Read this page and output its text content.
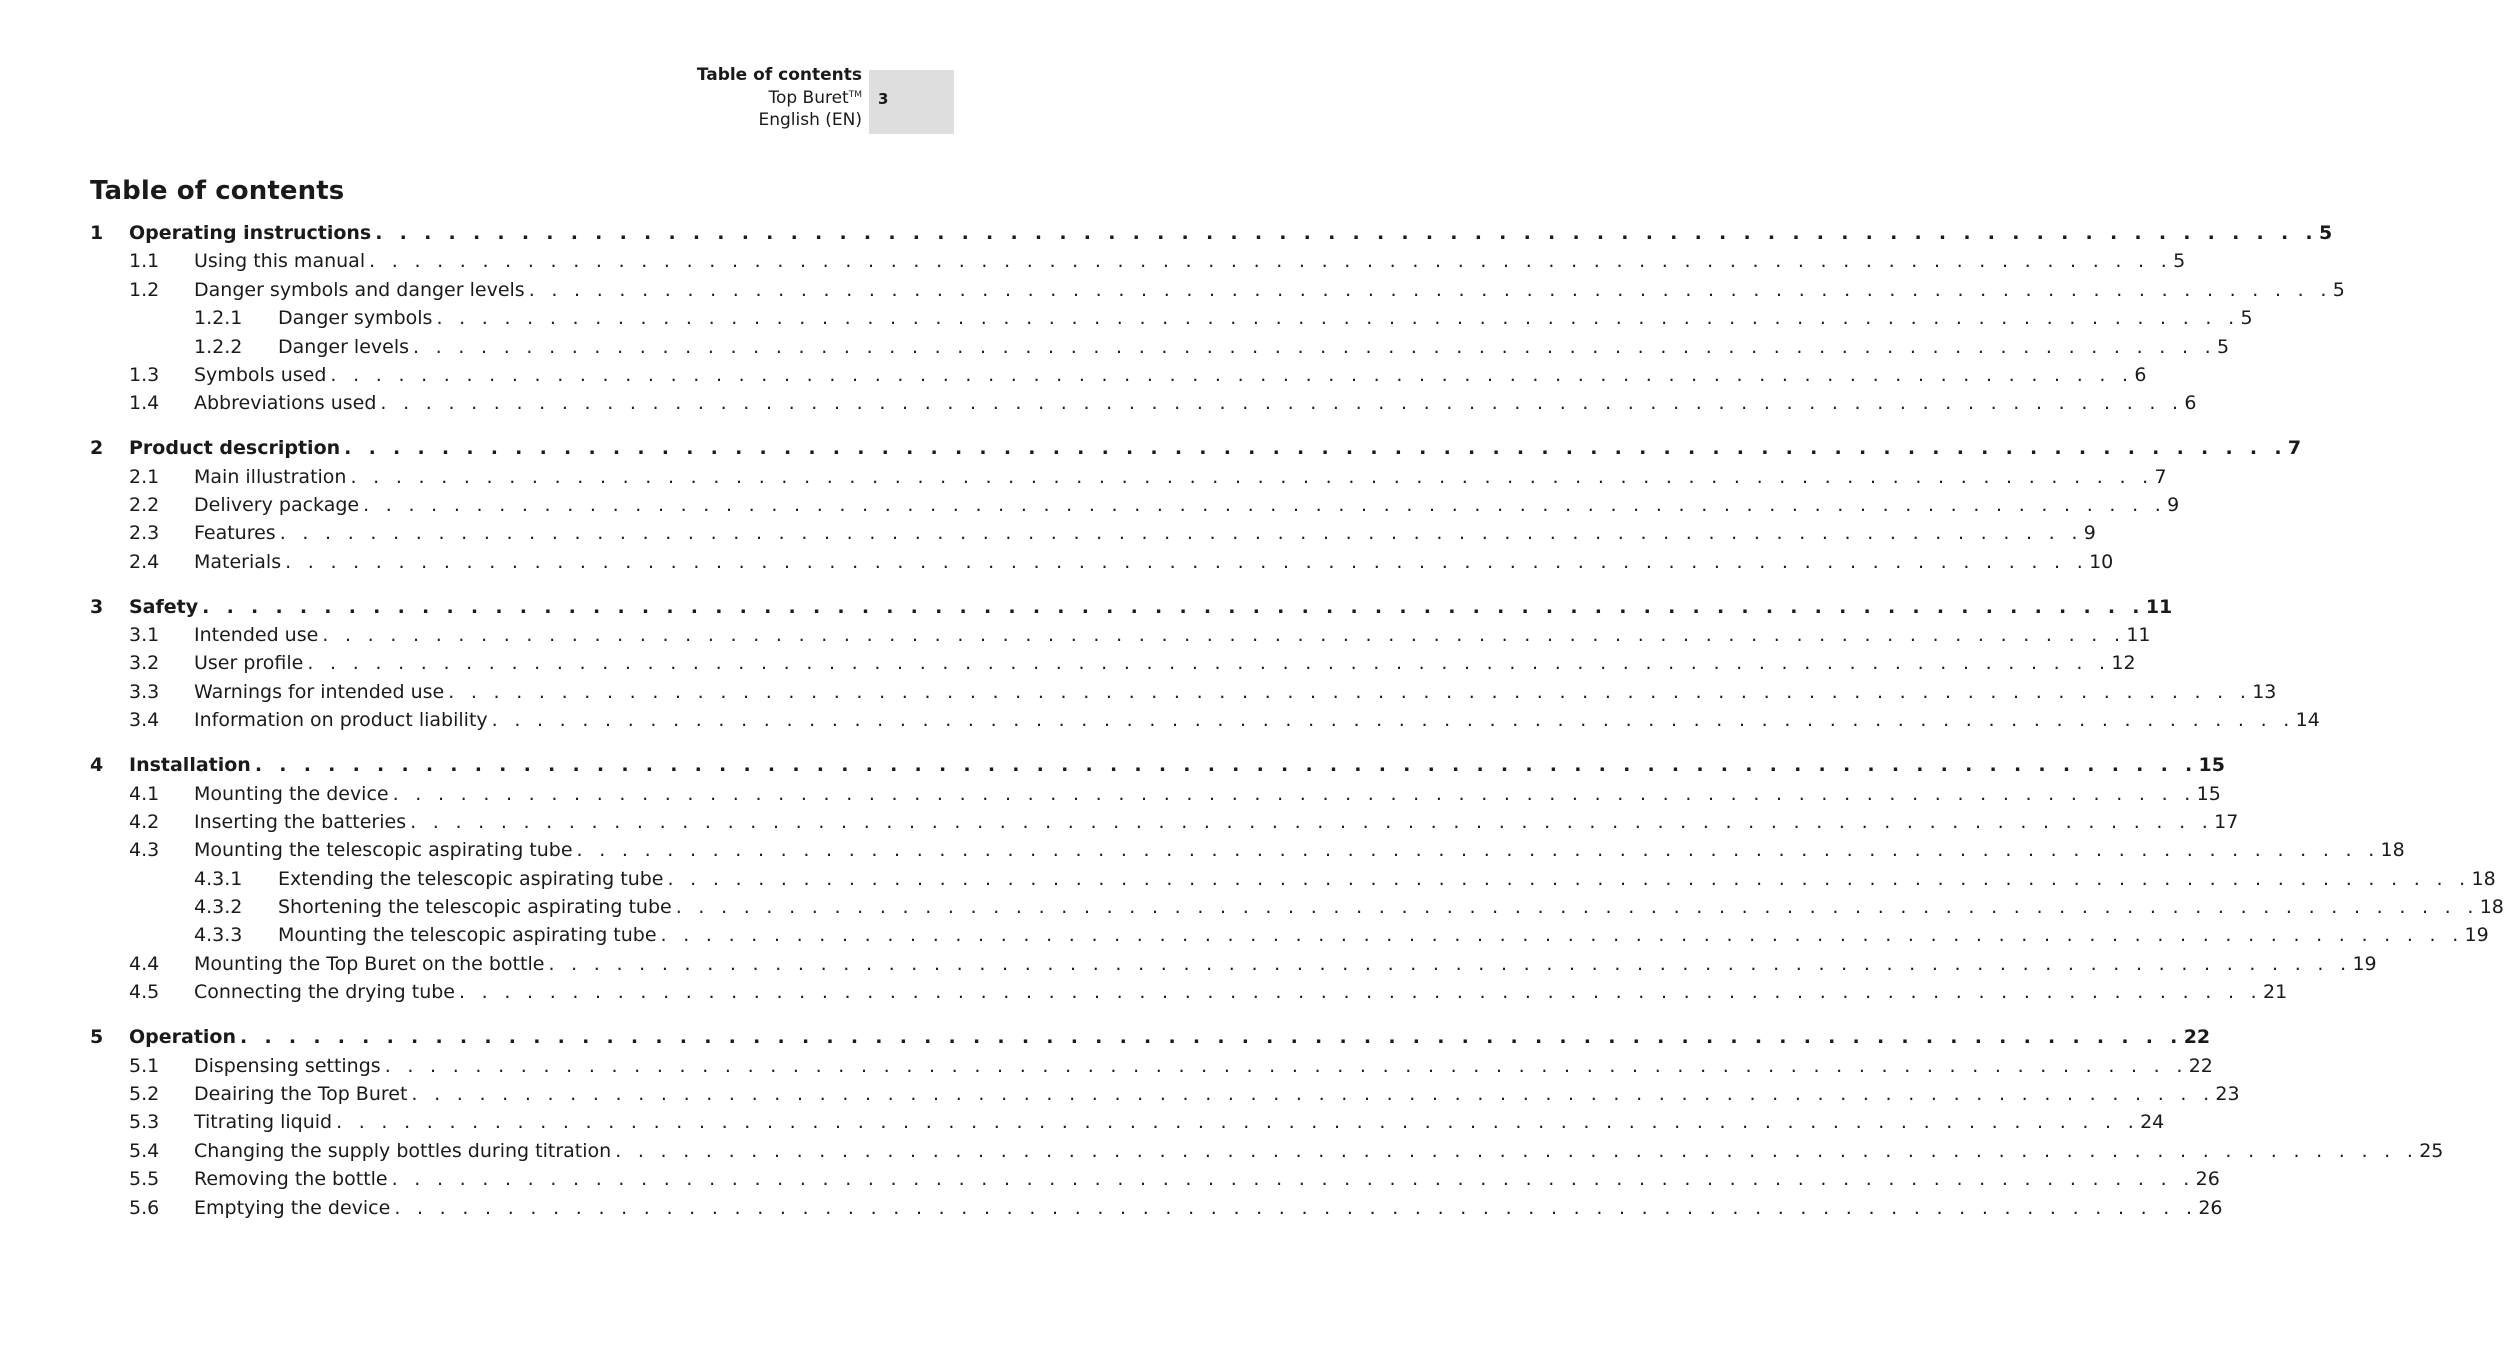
Table of contents
Top Buret™
English (EN)
3
Table of contents
1	Operating instructions . . . . . . . . . . . . . . . . . . . . . . . . . . . . . . . . . . . . . . . . . . . . . . . . . . . . . . . . . . . . . . . . . . . . . . . . . . . . . . . . 5
1.1	Using this manual . . . . . . . . . . . . . . . . . . . . . . . . . . . . . . . . . . . . . . . . . . . . . . . . . . . . . . . . . . . . . . . . . . . . . . . . . . . . . . . . 5
1.2	Danger symbols and danger levels . . . . . . . . . . . . . . . . . . . . . . . . . . . . . . . . . . . . . . . . . . . . . . . . . . . . . . . . . . . . . . . . . . . . . . . . . . . . . . . . 5
1.2.1	Danger symbols . . . . . . . . . . . . . . . . . . . . . . . . . . . . . . . . . . . . . . . . . . . . . . . . . . . . . . . . . . . . . . . . . . . . . . . . . . . . . . . . 5
1.2.2	Danger levels . . . . . . . . . . . . . . . . . . . . . . . . . . . . . . . . . . . . . . . . . . . . . . . . . . . . . . . . . . . . . . . . . . . . . . . . . . . . . . . . 5
1.3	Symbols used . . . . . . . . . . . . . . . . . . . . . . . . . . . . . . . . . . . . . . . . . . . . . . . . . . . . . . . . . . . . . . . . . . . . . . . . . . . . . . . . 6
1.4	Abbreviations used . . . . . . . . . . . . . . . . . . . . . . . . . . . . . . . . . . . . . . . . . . . . . . . . . . . . . . . . . . . . . . . . . . . . . . . . . . . . . . . . 6
2	Product description . . . . . . . . . . . . . . . . . . . . . . . . . . . . . . . . . . . . . . . . . . . . . . . . . . . . . . . . . . . . . . . . . . . . . . . . . . . . . . . . 7
2.1	Main illustration . . . . . . . . . . . . . . . . . . . . . . . . . . . . . . . . . . . . . . . . . . . . . . . . . . . . . . . . . . . . . . . . . . . . . . . . . . . . . . . . 7
2.2	Delivery package . . . . . . . . . . . . . . . . . . . . . . . . . . . . . . . . . . . . . . . . . . . . . . . . . . . . . . . . . . . . . . . . . . . . . . . . . . . . . . . . 9
2.3	Features . . . . . . . . . . . . . . . . . . . . . . . . . . . . . . . . . . . . . . . . . . . . . . . . . . . . . . . . . . . . . . . . . . . . . . . . . . . . . . . . 9
2.4	Materials . . . . . . . . . . . . . . . . . . . . . . . . . . . . . . . . . . . . . . . . . . . . . . . . . . . . . . . . . . . . . . . . . . . . . . . . . . . . . . . . 10
3	Safety . . . . . . . . . . . . . . . . . . . . . . . . . . . . . . . . . . . . . . . . . . . . . . . . . . . . . . . . . . . . . . . . . . . . . . . . . . . . . . . . 11
3.1	Intended use . . . . . . . . . . . . . . . . . . . . . . . . . . . . . . . . . . . . . . . . . . . . . . . . . . . . . . . . . . . . . . . . . . . . . . . . . . . . . . . . 11
3.2	User profile . . . . . . . . . . . . . . . . . . . . . . . . . . . . . . . . . . . . . . . . . . . . . . . . . . . . . . . . . . . . . . . . . . . . . . . . . . . . . . . . 12
3.3	Warnings for intended use . . . . . . . . . . . . . . . . . . . . . . . . . . . . . . . . . . . . . . . . . . . . . . . . . . . . . . . . . . . . . . . . . . . . . . . . . . . . . . . . 13
3.4	Information on product liability . . . . . . . . . . . . . . . . . . . . . . . . . . . . . . . . . . . . . . . . . . . . . . . . . . . . . . . . . . . . . . . . . . . . . . . . . . . . . . . . 14
4	Installation . . . . . . . . . . . . . . . . . . . . . . . . . . . . . . . . . . . . . . . . . . . . . . . . . . . . . . . . . . . . . . . . . . . . . . . . . . . . . . . . 15
4.1	Mounting the device . . . . . . . . . . . . . . . . . . . . . . . . . . . . . . . . . . . . . . . . . . . . . . . . . . . . . . . . . . . . . . . . . . . . . . . . . . . . . . . . 15
4.2	Inserting the batteries . . . . . . . . . . . . . . . . . . . . . . . . . . . . . . . . . . . . . . . . . . . . . . . . . . . . . . . . . . . . . . . . . . . . . . . . . . . . . . . . 17
4.3	Mounting the telescopic aspirating tube . . . . . . . . . . . . . . . . . . . . . . . . . . . . . . . . . . . . . . . . . . . . . . . . . . . . . . . . . . . . . . . . . . . . . . . . . . . . . . . . 18
4.3.1	Extending the telescopic aspirating tube . . . . . . . . . . . . . . . . . . . . . . . . . . . . . . . . . . . . . . . . . . . . . . . . . . . . . . . . . . . . . . . . . . . . . . . . . . . . . . . . 18
4.3.2	Shortening the telescopic aspirating tube . . . . . . . . . . . . . . . . . . . . . . . . . . . . . . . . . . . . . . . . . . . . . . . . . . . . . . . . . . . . . . . . . . . . . . . . . . . . . . . . 18
4.3.3	Mounting the telescopic aspirating tube . . . . . . . . . . . . . . . . . . . . . . . . . . . . . . . . . . . . . . . . . . . . . . . . . . . . . . . . . . . . . . . . . . . . . . . . . . . . . . . . 19
4.4	Mounting the Top Buret on the bottle . . . . . . . . . . . . . . . . . . . . . . . . . . . . . . . . . . . . . . . . . . . . . . . . . . . . . . . . . . . . . . . . . . . . . . . . . . . . . . . . 19
4.5	Connecting the drying tube . . . . . . . . . . . . . . . . . . . . . . . . . . . . . . . . . . . . . . . . . . . . . . . . . . . . . . . . . . . . . . . . . . . . . . . . . . . . . . . . 21
5	Operation . . . . . . . . . . . . . . . . . . . . . . . . . . . . . . . . . . . . . . . . . . . . . . . . . . . . . . . . . . . . . . . . . . . . . . . . . . . . . . . . 22
5.1	Dispensing settings . . . . . . . . . . . . . . . . . . . . . . . . . . . . . . . . . . . . . . . . . . . . . . . . . . . . . . . . . . . . . . . . . . . . . . . . . . . . . . . . 22
5.2	Deairing the Top Buret . . . . . . . . . . . . . . . . . . . . . . . . . . . . . . . . . . . . . . . . . . . . . . . . . . . . . . . . . . . . . . . . . . . . . . . . . . . . . . . . 23
5.3	Titrating liquid . . . . . . . . . . . . . . . . . . . . . . . . . . . . . . . . . . . . . . . . . . . . . . . . . . . . . . . . . . . . . . . . . . . . . . . . . . . . . . . . 24
5.4	Changing the supply bottles during titration . . . . . . . . . . . . . . . . . . . . . . . . . . . . . . . . . . . . . . . . . . . . . . . . . . . . . . . . . . . . . . . . . . . . . . . . . . . . . . . . 25
5.5	Removing the bottle . . . . . . . . . . . . . . . . . . . . . . . . . . . . . . . . . . . . . . . . . . . . . . . . . . . . . . . . . . . . . . . . . . . . . . . . . . . . . . . . 26
5.6	Emptying the device . . . . . . . . . . . . . . . . . . . . . . . . . . . . . . . . . . . . . . . . . . . . . . . . . . . . . . . . . . . . . . . . . . . . . . . . . . . . . . . . 26
